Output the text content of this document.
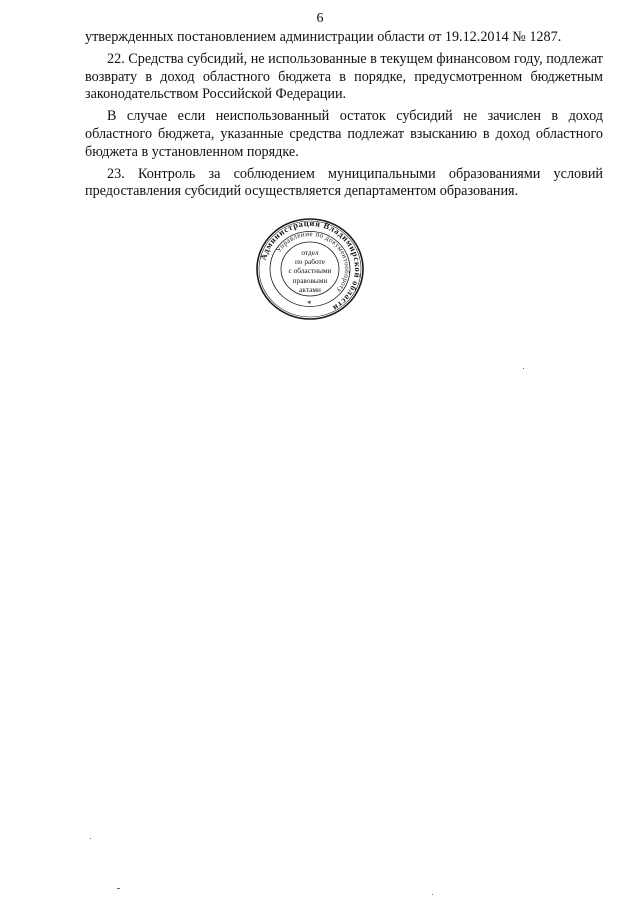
6

утвержденных постановлением администрации области от 19.12.2014 № 1287.

22. Средства субсидий, не использованные в текущем финансовом году, подлежат возврату в доход областного бюджета в порядке, предусмотренном бюджетным законодательством Российской Федерации.

В случае если неиспользованный остаток субсидий не зачислен в доход областного бюджета, указанные средства подлежат взысканию в доход областного бюджета в установленном порядке.

23. Контроль за соблюдением муниципальными образованиями условий предоставления субсидий осуществляется департаментом образования.

Администрация Владимирской области
Управление по документообороту
отдел
по работе
с областными
правовыми
актами
*
